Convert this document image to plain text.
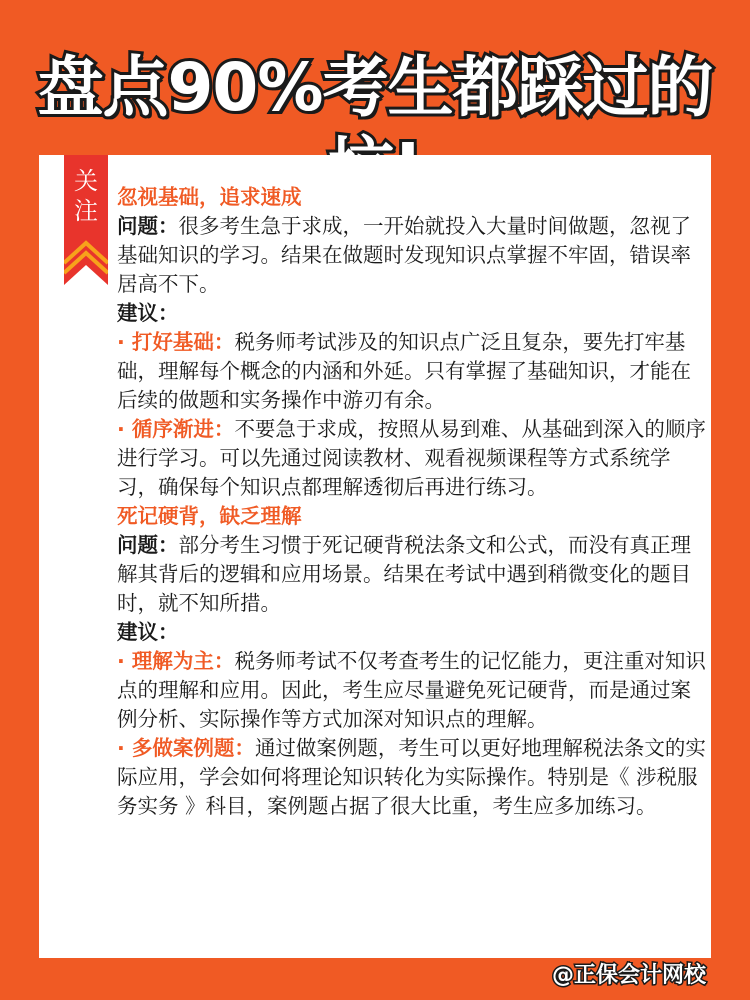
盘点90%考生都踩过的
关注 忽视基础，追求速成

问题：很多考生急于求成，一开始就投入大量时间做题，忽视了基础知识的学习。结果在做题时发现知识点掌握不牢固，错误率居高不下。

建议：

· 打好基础：税务师考试涉及的知识点广泛且复杂，要先打牢基础，理解每个概念的内涵和外延。只有掌握了基础知识，才能在后续的做题和实务操作中游刃有余。

· 循序渐进：不要急于求成，按照从易到难、从基础到深入的顺序进行学习。可以先通过阅读教材、观看视频课程等方式系统学习，确保每个知识点都理解透彻后再进行练习。

死记硬背，缺乏理解

问题：部分考生习惯于死记硬背税法条文和公式，而没有真正理解其背后的逻辑和应用场景。结果在考试中遇到稍微变化的题目时，就不知所措。

建议：

· 理解为主：税务师考试不仅考查考生的记忆能力，更注重对知识点的理解和应用。因此，考生应尽量避免死记硬背，而是通过案例分析、实际操作等方式加深对知识点的理解。

· 多做案例题：通过做案例题，考生可以更好地理解税法条文的实际应用，学会如何将理论知识转化为实际操作。特别是《 涉税服务实务 》科目，案例题占据了很大比重，考生应多加练习。

@正保会计网校
